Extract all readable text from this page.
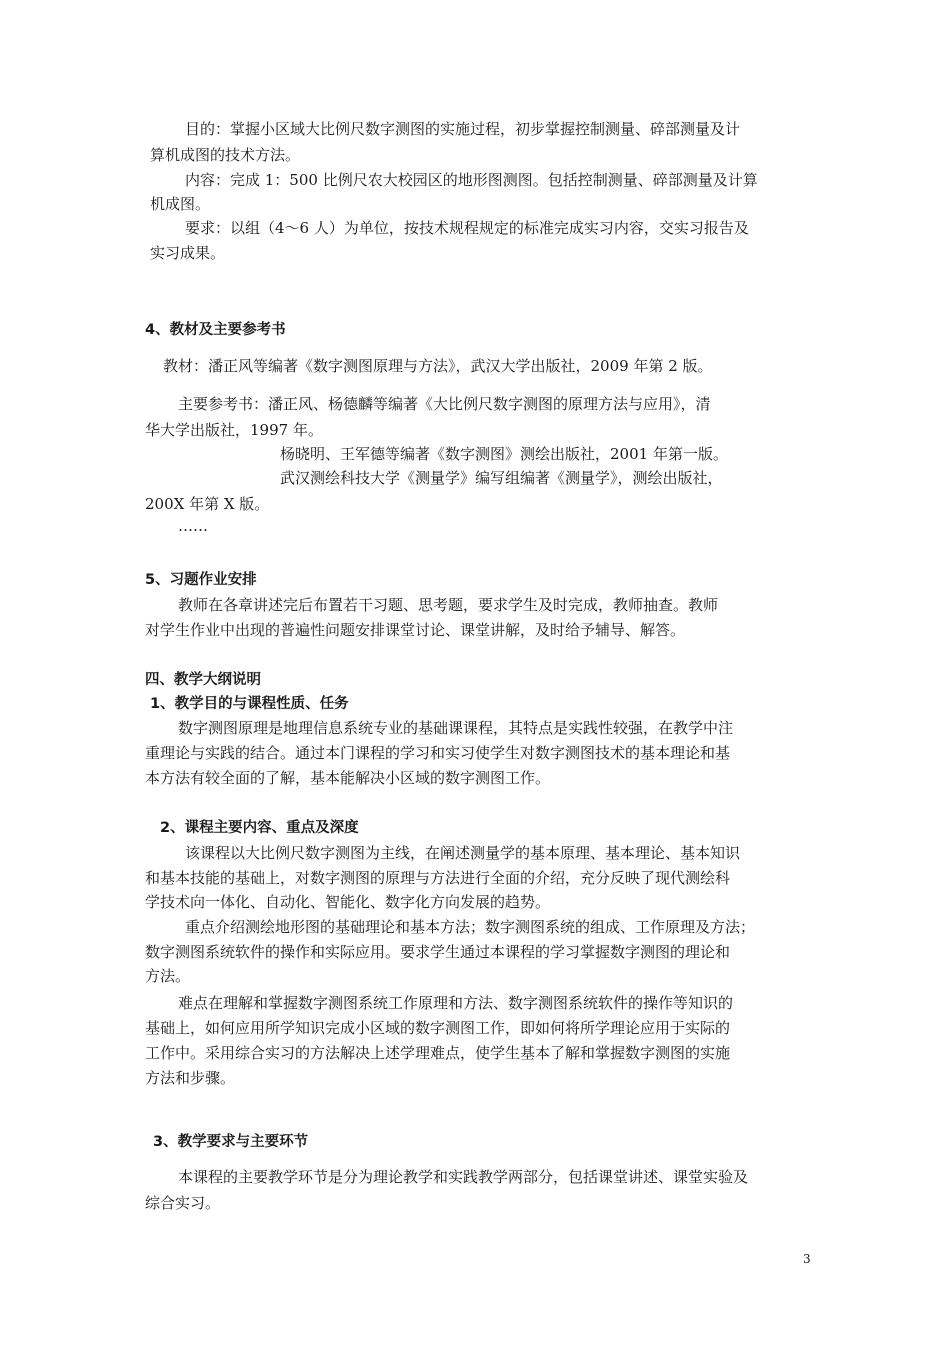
目的：掌握小区域大比例尺数字测图的实施过程，初步掌握控制测量、碎部测量及计
算机成图的技术方法。
内容：完成 1：500 比例尺农大校园区的地形图测图。包括控制测量、碎部测量及计算
机成图。
要求：以组（4～6 人）为单位，按技术规程规定的标准完成实习内容，交实习报告及
实习成果。
4、教材及主要参考书
教材：潘正风等编著《数字测图原理与方法》，武汉大学出版社，2009 年第 2 版。
主要参考书：潘正风、杨德麟等编著《大比例尺数字测图的原理方法与应用》，清
华大学出版社，1997 年。
杨晓明、王军德等编著《数字测图》测绘出版社，2001 年第一版。
武汉测绘科技大学《测量学》编写组编著《测量学》，测绘出版社，
200X 年第 X 版。
……
5、习题作业安排
教师在各章讲述完后布置若干习题、思考题，要求学生及时完成，教师抽查。教师
对学生作业中出现的普遍性问题安排课堂讨论、课堂讲解，及时给予辅导、解答。
四、教学大纲说明
1、教学目的与课程性质、任务
数字测图原理是地理信息系统专业的基础课课程，其特点是实践性较强，在教学中注
重理论与实践的结合。通过本门课程的学习和实习使学生对数字测图技术的基本理论和基
本方法有较全面的了解，基本能解决小区域的数字测图工作。
2、课程主要内容、重点及深度
该课程以大比例尺数字测图为主线，在阐述测量学的基本原理、基本理论、基本知识
和基本技能的基础上，对数字测图的原理与方法进行全面的介绍，充分反映了现代测绘科
学技术向一体化、自动化、智能化、数字化方向发展的趋势。
重点介绍测绘地形图的基础理论和基本方法；数字测图系统的组成、工作原理及方法；
数字测图系统软件的操作和实际应用。要求学生通过本课程的学习掌握数字测图的理论和
方法。
难点在理解和掌握数字测图系统工作原理和方法、数字测图系统软件的操作等知识的
基础上，如何应用所学知识完成小区域的数字测图工作，即如何将所学理论应用于实际的
工作中。采用综合实习的方法解决上述学理难点，使学生基本了解和掌握数字测图的实施
方法和步骤。
3、教学要求与主要环节
本课程的主要教学环节是分为理论教学和实践教学两部分，包括课堂讲述、课堂实验及
综合实习。
3
